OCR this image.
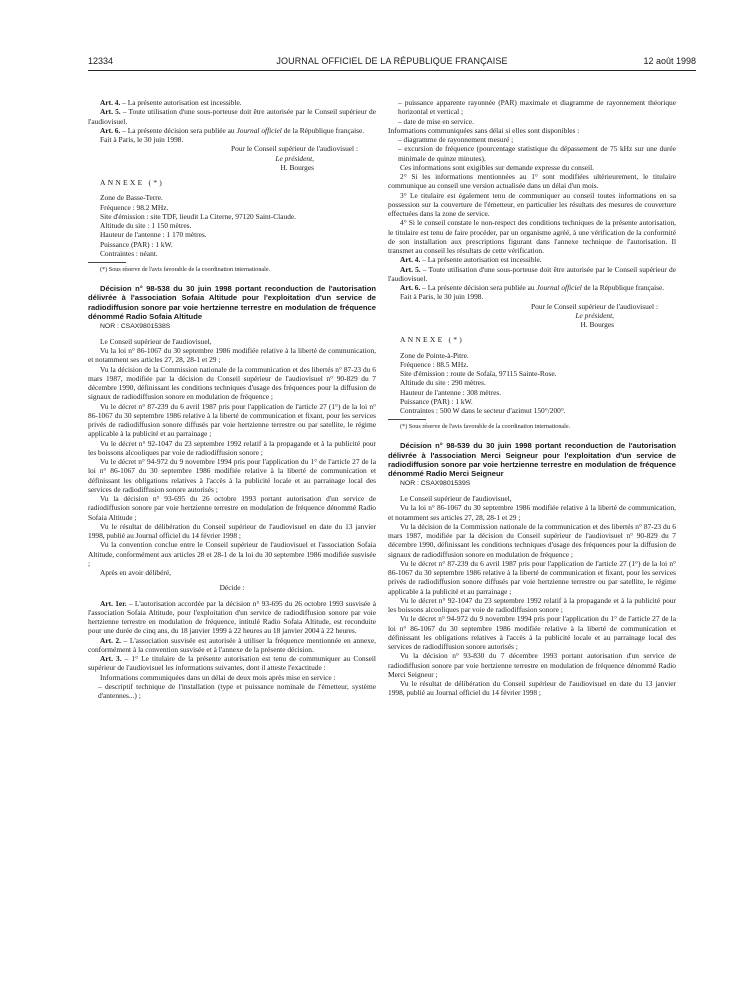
12334	JOURNAL OFFICIEL DE LA RÉPUBLIQUE FRANÇAISE	12 août 1998

Art. 4. – La présente autorisation est incessible.

Art. 5. – Toute utilisation d'une sous-porteuse doit être autorisée par le Conseil supérieur de l'audiovisuel.

Art. 6. – La présente décision sera publiée au Journal officiel de la République française.

Fait à Paris, le 30 juin 1998.

Pour le Conseil supérieur de l'audiovisuel :

Le président,

H. Bourges

ANNEXE (*)

Zone de Basse-Terre.

Fréquence : 98.2 MHz.

Site d'émission : site TDF, lieudit La Citerne, 97120 Saint-Claude.

Altitude du site : 1 150 mètres.

Hauteur de l'antenne : 1 170 mètres.

Puissance (PAR) : 1 kW.

Contraintes : néant.

(*) Sous réserve de l'avis favorable de la coordination internationale.

Décision n° 98-538 du 30 juin 1998 portant reconduction de l'autorisation délivrée à l'association Sofaia Altitude pour l'exploitation d'un service de radiodiffusion sonore par voie hertzienne terrestre en modulation de fréquence dénommé Radio Sofaia Altitude

NOR : CSAX9801538S

Le Conseil supérieur de l'audiovisuel,

Vu la loi n° 86-1067 du 30 septembre 1986 modifiée relative à la liberté de communication, et notamment ses articles 27, 28, 28-1 et 29 ;

Vu la décision de la Commission nationale de la communication et des libertés n° 87-23 du 6 mars 1987, modifiée par la décision du Conseil supérieur de l'audiovisuel n° 90-829 du 7 décembre 1990, définissant les conditions techniques d'usage des fréquences pour la diffusion de signaux de radiodiffusion sonore en modulation de fréquence ;

Vu le décret n° 87-239 du 6 avril 1987 pris pour l'application de l'article 27 (1°) de la loi n° 86-1067 du 30 septembre 1986 relative à la liberté de communication et fixant, pour les services privés de radiodiffusion sonore diffusés par voie hertzienne terrestre ou par satellite, le régime applicable à la publicité et au parrainage ;

Vu le décret n° 92-1047 du 23 septembre 1992 relatif à la propagande et à la publicité pour les boissons alcooliques par voie de radiodiffusion sonore ;

Vu le décret n° 94-972 du 9 novembre 1994 pris pour l'application du 1° de l'article 27 de la loi n° 86-1067 du 30 septembre 1986 modifiée relative à la liberté de communication et définissant les obligations relatives à l'accès à la publicité locale et au parrainage local des services de radiodiffusion sonore autorisés ;

Vu la décision n° 93-695 du 26 octobre 1993 portant autorisation d'un service de radiodiffusion sonore par voie hertzienne terrestre en modulation de fréquence dénommé Radio Sofaia Altitude ;

Vu le résultat de délibération du Conseil supérieur de l'audiovisuel en date du 13 janvier 1998, publié au Journal officiel du 14 février 1998 ;

Vu la convention conclue entre le Conseil supérieur de l'audiovisuel et l'association Sofaia Altitude, conformément aux articles 28 et 28-1 de la loi du 30 septembre 1986 modifiée susvisée ;

Après en avoir délibéré,

Décide :

Art. 1er. – L'autorisation accordée par la décision n° 93-695 du 26 octobre 1993 susvisée à l'association Sofaia Altitude, pour l'exploitation d'un service de radiodiffusion sonore par voie hertzienne terrestre en modulation de fréquence, intitulé Radio Sofaia Altitude, est reconduite pour une durée de cinq ans, du 18 janvier 1999 à 22 heures au 18 janvier 2004 à 22 heures.

Art. 2. – L'association susvisée est autorisée à utiliser la fréquence mentionnée en annexe, conformément à la convention susvisée et à l'annexe de la présente décision.

Art. 3. – 1° Le titulaire de la présente autorisation est tenu de communiquer au Conseil supérieur de l'audiovisuel les informations suivantes, dont il atteste l'exactitude :

Informations communiquées dans un délai de deux mois après mise en service :

– descriptif technique de l'installation (type et puissance nominale de l'émetteur, système d'antennes...) ;

– puissance apparente rayonnée (PAR) maximale et diagramme de rayonnement théorique horizontal et vertical ;

– date de mise en service.

Informations communiquées sans délai si elles sont disponibles :

– diagramme de rayonnement mesuré ;

– excursion de fréquence (pourcentage statistique du dépassement de 75 kHz sur une durée minimale de quinze minutes).

Ces informations sont exigibles sur demande expresse du conseil.

2° Si les informations mentionnées au 1° sont modifiées ultérieurement, le titulaire communique au conseil une version actualisée dans un délai d'un mois.

3° Le titulaire est également tenu de communiquer au conseil toutes informations en sa possession sur la couverture de l'émetteur, en particulier les résultats des mesures de couverture effectuées dans la zone de service.

4° Si le conseil constate le non-respect des conditions techniques de la présente autorisation, le titulaire est tenu de faire procéder, par un organisme agréé, à une vérification de la conformité de son installation aux prescriptions figurant dans l'annexe technique de l'autorisation. Il transmet au conseil les résultats de cette vérification.

Art. 4. – La présente autorisation est incessible.

Art. 5. – Toute utilisation d'une sous-porteuse doit être autorisée par le Conseil supérieur de l'audiovisuel.

Art. 6. – La présente décision sera publiée au Journal officiel de la République française.

Fait à Paris, le 30 juin 1998.

Pour le Conseil supérieur de l'audiovisuel :

Le président,

H. Bourges

ANNEXE (*)

Zone de Pointe-à-Pitre.

Fréquence : 88.5 MHz.

Site d'émission : route de Sofaïa, 97115 Sainte-Rose.

Altitude du site : 290 mètres.

Hauteur de l'antenne : 308 mètres.

Puissance (PAR) : 1 kW.

Contraintes : 500 W dans le secteur d'azimut 150°/200°.

(*) Sous réserve de l'avis favorable de la coordination internationale.

Décision n° 98-539 du 30 juin 1998 portant reconduction de l'autorisation délivrée à l'association Merci Seigneur pour l'exploitation d'un service de radiodiffusion sonore par voie hertzienne terrestre en modulation de fréquence dénommé Radio Merci Seigneur

NOR : CSAX9801539S

Le Conseil supérieur de l'audiovisuel,

Vu la loi n° 86-1067 du 30 septembre 1986 modifiée relative à la liberté de communication, et notamment ses articles 27, 28, 28-1 et 29 ;

Vu la décision de la Commission nationale de la communication et des libertés n° 87-23 du 6 mars 1987, modifiée par la décision du Conseil supérieur de l'audiovisuel n° 90-829 du 7 décembre 1990, définissant les conditions techniques d'usage des fréquences pour la diffusion de signaux de radiodiffusion sonore en modulation de fréquence ;

Vu le décret n° 87-239 du 6 avril 1987 pris pour l'application de l'article 27 (1°) de la loi n° 86-1067 du 30 septembre 1986 relative à la liberté de communication et fixant, pour les services privés de radiodiffusion sonore diffusés par voie hertzienne terrestre ou par satellite, le régime applicable à la publicité et au parrainage ;

Vu le décret n° 92-1047 du 23 septembre 1992 relatif à la propagande et à la publicité pour les boissons alcooliques par voie de radiodiffusion sonore ;

Vu le décret n° 94-972 du 9 novembre 1994 pris pour l'application du 1° de l'article 27 de la loi n° 86-1067 du 30 septembre 1986 modifiée relative à la liberté de communication et définissant les obligations relatives à l'accès à la publicité locale et au parrainage local des services de radiodiffusion sonore autorisés ;

Vu la décision n° 93-830 du 7 décembre 1993 portant autorisation d'un service de radiodiffusion sonore par voie hertzienne terrestre en modulation de fréquence dénommé Radio Merci Seigneur ;

Vu le résultat de délibération du Conseil supérieur de l'audiovisuel en date du 13 janvier 1998, publié au Journal officiel du 14 février 1998 ;
